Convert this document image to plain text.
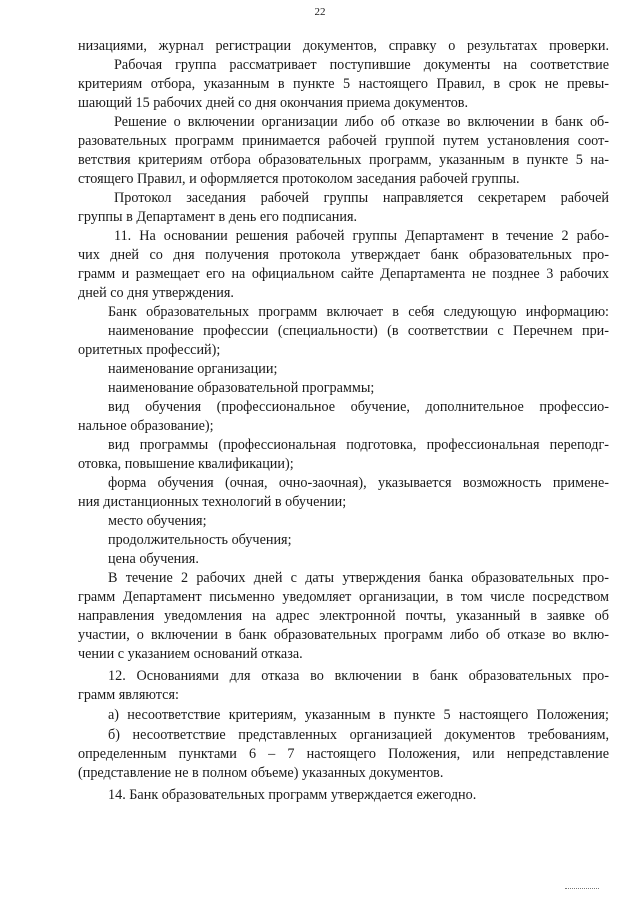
22
низациями, журнал регистрации документов, справку о результатах проверки.
Рабочая группа рассматривает поступившие документы на соответствие
критериям отбора, указанным в пункте 5 настоящего Правил, в срок не превы-
шающий 15 рабочих дней со дня окончания приема документов.
Решение о включении организации либо об отказе во включении в банк об-
разовательных программ принимается рабочей группой путем установления соот-
ветствия критериям отбора образовательных программ, указанным в пункте 5 на-
стоящего Правил, и оформляется протоколом заседания рабочей группы.
Протокол заседания рабочей группы направляется секретарем рабочей
группы в Департамент в день его подписания.
11. На основании решения рабочей группы Департамент в течение 2 рабо-
чих дней со дня получения протокола утверждает банк образовательных про-
грамм и размещает его на официальном сайте Департамента не позднее 3 рабочих
дней со дня утверждения.
Банк образовательных программ включает в себя следующую информацию:
наименование профессии (специальности) (в соответствии с Перечнем при-
оритетных профессий);
наименование организации;
наименование образовательной программы;
вид обучения (профессиональное обучение, дополнительное профессио-
нальное образование);
вид программы (профессиональная подготовка, профессиональная переподг-
отовка, повышение квалификации);
форма обучения (очная, очно-заочная), указывается возможность примене-
ния дистанционных технологий в обучении;
место обучения;
продолжительность обучения;
цена обучения.
В течение 2 рабочих дней с даты утверждения банка образовательных про-
грамм Департамент письменно уведомляет организации, в том числе посредством
направления уведомления на адрес электронной почты, указанный в заявке об
участии, о включении в банк образовательных программ либо об отказе во вклю-
чении с указанием оснований отказа.
12. Основаниями для отказа во включении в банк образовательных про-
грамм являются:
а) несоответствие критериям, указанным в пункте 5 настоящего Положения;
б) несоответствие представленных организацией документов требованиям,
определенным пунктами 6 – 7 настоящего Положения, или непредставление
(представление не в полном объеме) указанных документов.
14. Банк образовательных программ утверждается ежегодно.
